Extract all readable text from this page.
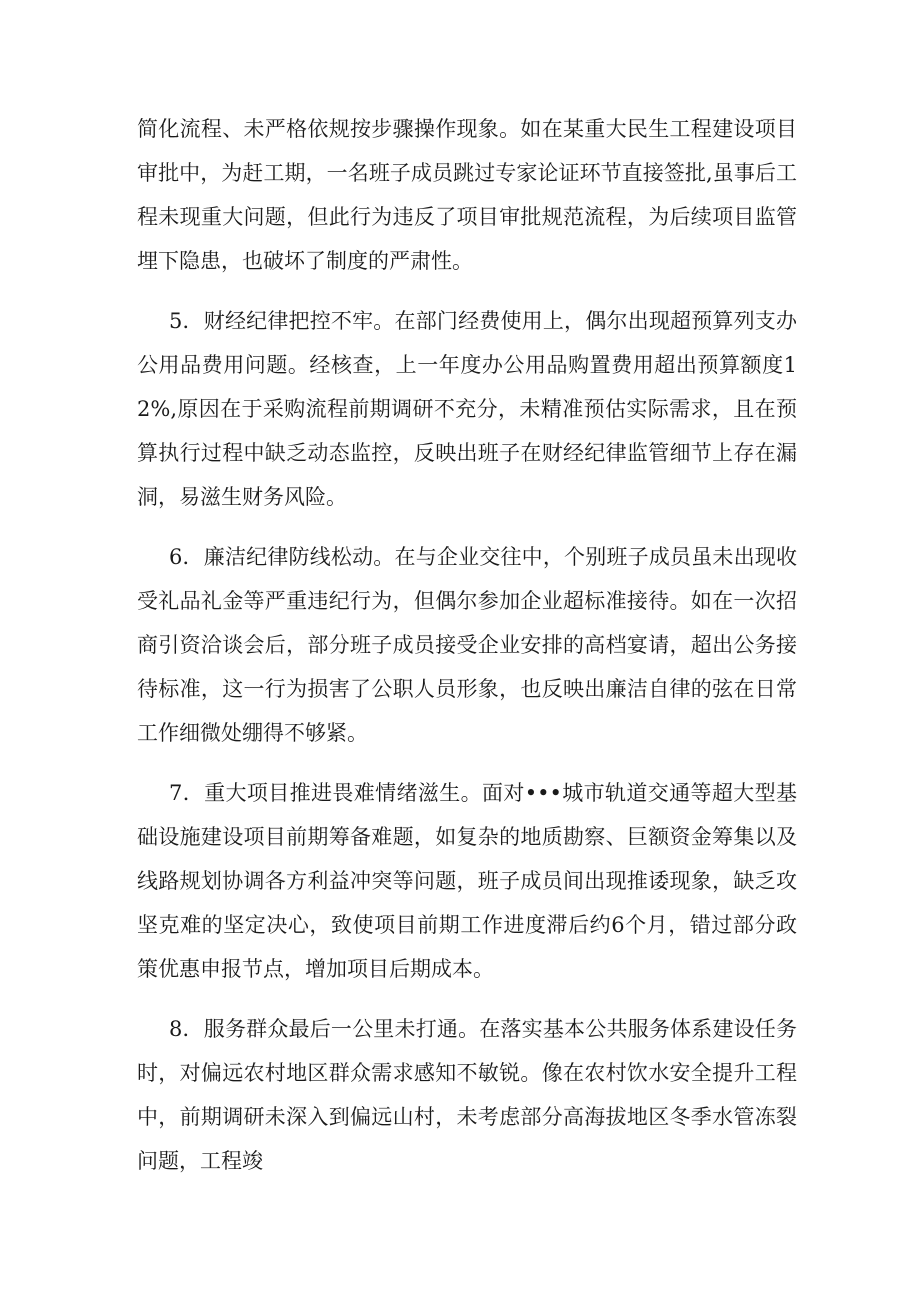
简化流程、未严格依规按步骤操作现象。如在某重大民生工程建设项目审批中，为赶工期，一名班子成员跳过专家论证环节直接签批,虽事后工程未现重大问题，但此行为违反了项目审批规范流程，为后续项目监管埋下隐患，也破坏了制度的严肃性。

5．财经纪律把控不牢。在部门经费使用上，偶尔出现超预算列支办公用品费用问题。经核查，上一年度办公用品购置费用超出预算额度12%,原因在于采购流程前期调研不充分，未精准预估实际需求，且在预算执行过程中缺乏动态监控，反映出班子在财经纪律监管细节上存在漏洞，易滋生财务风险。

6．廉洁纪律防线松动。在与企业交往中，个别班子成员虽未出现收受礼品礼金等严重违纪行为，但偶尔参加企业超标准接待。如在一次招商引资洽谈会后，部分班子成员接受企业安排的高档宴请，超出公务接待标准，这一行为损害了公职人员形象，也反映出廉洁自律的弦在日常工作细微处绷得不够紧。

7．重大项目推进畏难情绪滋生。面对•••城市轨道交通等超大型基础设施建设项目前期筹备难题，如复杂的地质勘察、巨额资金筹集以及线路规划协调各方利益冲突等问题，班子成员间出现推诿现象，缺乏攻坚克难的坚定决心，致使项目前期工作进度滞后约6个月，错过部分政策优惠申报节点，增加项目后期成本。

8．服务群众最后一公里未打通。在落实基本公共服务体系建设任务时，对偏远农村地区群众需求感知不敏锐。像在农村饮水安全提升工程中，前期调研未深入到偏远山村，未考虑部分高海拔地区冬季水管冻裂问题，工程竣
